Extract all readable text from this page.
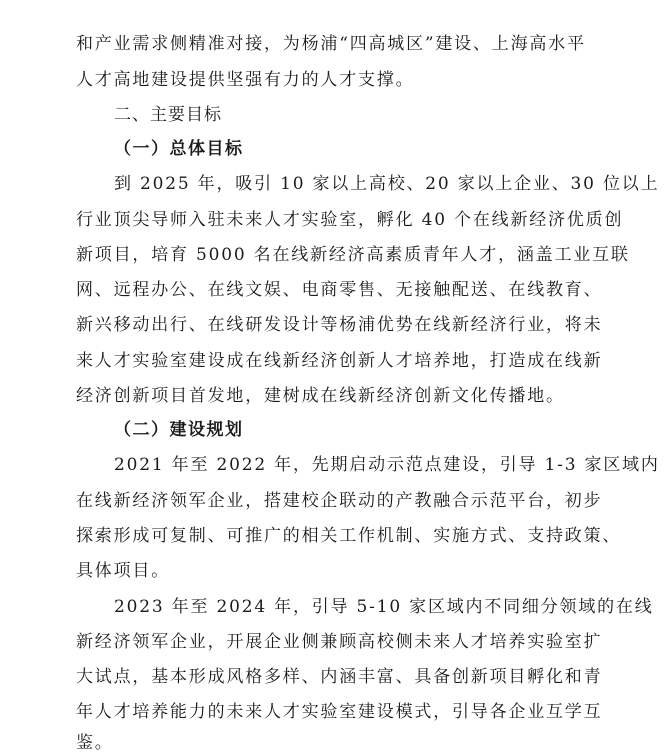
和产业需求侧精准对接，为杨浦“四高城区”建设、上海高水平
人才高地建设提供坚强有力的人才支撑。
二、主要目标
（一）总体目标
到 2025 年，吸引 10 家以上高校、20 家以上企业、30 位以上
行业顶尖导师入驻未来人才实验室，孵化 40 个在线新经济优质创
新项目，培育 5000 名在线新经济高素质青年人才，涵盖工业互联
网、远程办公、在线文娱、电商零售、无接触配送、在线教育、
新兴移动出行、在线研发设计等杨浦优势在线新经济行业，将未
来人才实验室建设成在线新经济创新人才培养地，打造成在线新
经济创新项目首发地，建树成在线新经济创新文化传播地。
（二）建设规划
2021 年至 2022 年，先期启动示范点建设，引导 1-3 家区域内
在线新经济领军企业，搭建校企联动的产教融合示范平台，初步
探索形成可复制、可推广的相关工作机制、实施方式、支持政策、
具体项目。
2023 年至 2024 年，引导 5-10 家区域内不同细分领域的在线
新经济领军企业，开展企业侧兼顾高校侧未来人才培养实验室扩
大试点，基本形成风格多样、内涵丰富、具备创新项目孵化和青
年人才培养能力的未来人才实验室建设模式，引导各企业互学互
鉴。
